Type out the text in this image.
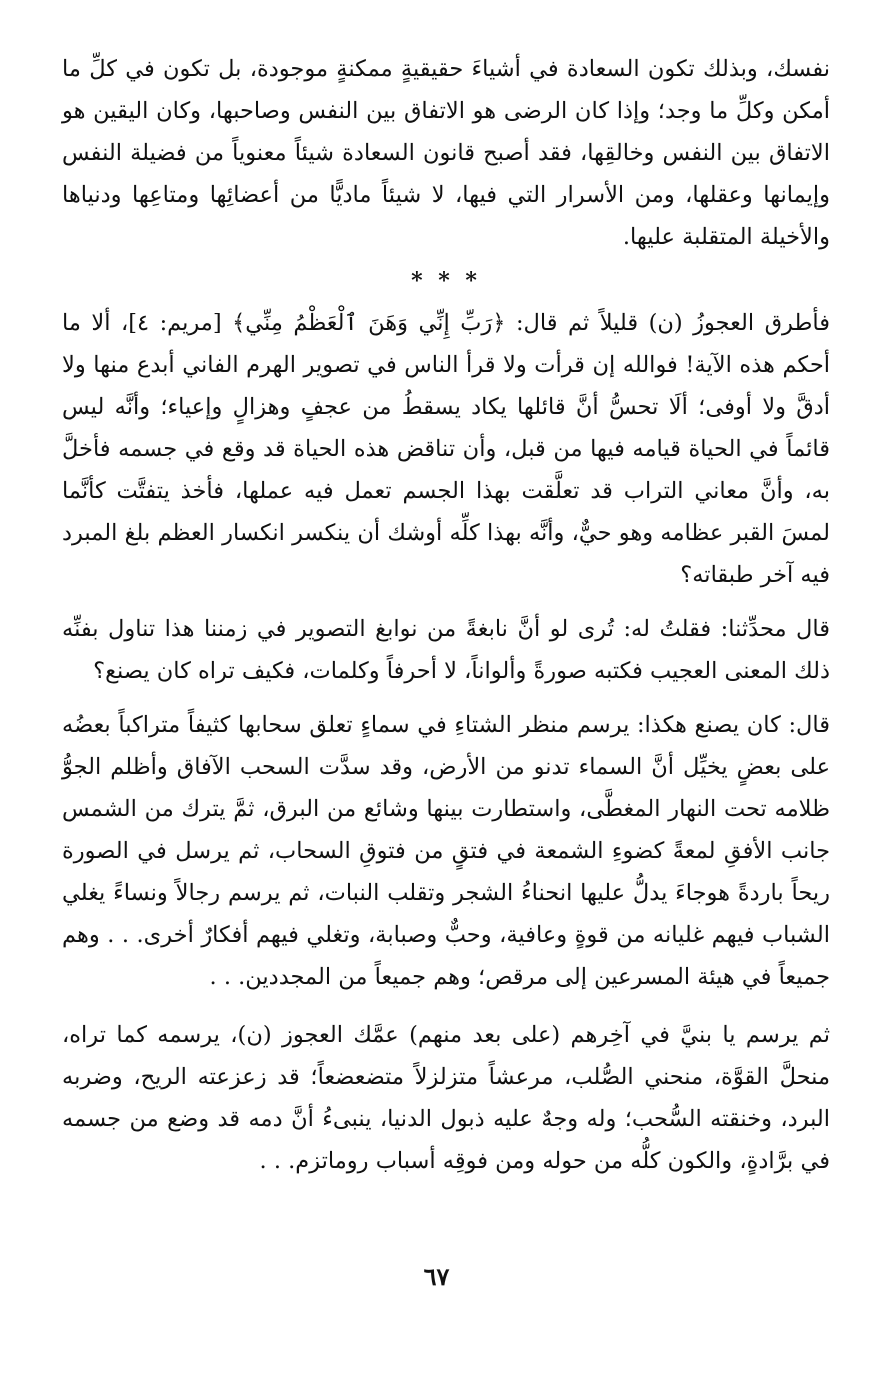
نفسك، وبذلك تكون السعادة في أشياءَ حقيقيةٍ ممكنةٍ موجودة، بل تكون في كلِّ ما أمكن وكلِّ ما وجد؛ وإذا كان الرضى هو الاتفاق بين النفس وصاحبها، وكان اليقين هو الاتفاق بين النفس وخالقِها، فقد أصبح قانون السعادة شيئاً معنوياً من فضيلة النفس وإيمانها وعقلها، ومن الأسرار التي فيها، لا شيئاً ماديًّا من أعضائِها ومتاعِها ودنياها والأخيلة المتقلبة عليها.

* * *

فأطرق العجوزُ (ن) قليلاً ثم قال: ﴿رَبِّ إِنِّي وَهَنَ ٱلْعَظْمُ مِنِّي﴾ [مريم: ٤]، ألا ما أحكم هذه الآية! فوالله إن قرأت ولا قرأ الناس في تصوير الهرم الفاني أبدع منها ولا أدقَّ ولا أوفى؛ ألَا تحسُّ أنَّ قائلها يكاد يسقطُ من عجفٍ وهزالٍ وإعياء؛ وأنَّه ليس قائماً في الحياة قيامه فيها من قبل، وأن تناقض هذه الحياة قد وقع في جسمه فأخلَّ به، وأنَّ معاني التراب قد تعلَّقت بهذا الجسم تعمل فيه عملها، فأخذ يتفتَّت كأنَّما لمسَ القبر عظامه وهو حيٌّ، وأنَّه بهذا كلِّه أوشك أن ينكسر انكسار العظم بلغ المبرد فيه آخر طبقاته؟

قال محدِّثنا: فقلتُ له: تُرى لو أنَّ نابغةً من نوابغ التصوير في زمننا هذا تناول بفنِّه ذلك المعنى العجيب فكتبه صورةً وألواناً، لا أحرفاً وكلمات، فكيف تراه كان يصنع؟

قال: كان يصنع هكذا: يرسم منظر الشتاءِ في سماءٍ تعلق سحابها كثيفاً متراكباً بعضُه على بعضٍ يخيِّل أنَّ السماء تدنو من الأرض، وقد سدَّت السحب الآفاق وأظلم الجوُّ ظلامه تحت النهار المغطَّى، واستطارت بينها وشائع من البرق، ثمَّ يترك من الشمس جانب الأفقِ لمعةً كضوءِ الشمعة في فتقٍ من فتوقِ السحاب، ثم يرسل في الصورة ريحاً باردةً هوجاءَ يدلُّ عليها انحناءُ الشجر وتقلب النبات، ثم يرسم رجالاً ونساءً يغلي الشباب فيهم غليانه من قوةٍ وعافية، وحبٌّ وصبابة، وتغلي فيهم أفكارٌ أخرى. . . وهم جميعاً في هيئة المسرعين إلى مرقص؛ وهم جميعاً من المجددين. . .

ثم يرسم يا بنيَّ في آخِرهم (على بعد منهم) عمَّك العجوز (ن)، يرسمه كما تراه، منحلَّ القوَّة، منحني الصُّلب، مرعشاً متزلزلاً متضعضعاً؛ قد زعزعته الريح، وضربه البرد، وخنقته السُّحب؛ وله وجهٌ عليه ذبول الدنيا، ينبىءُ أنَّ دمه قد وضع من جسمه في برَّادةٍ، والكون كلُّه من حوله ومن فوقِه أسباب روماتزم. . .

٦٧
